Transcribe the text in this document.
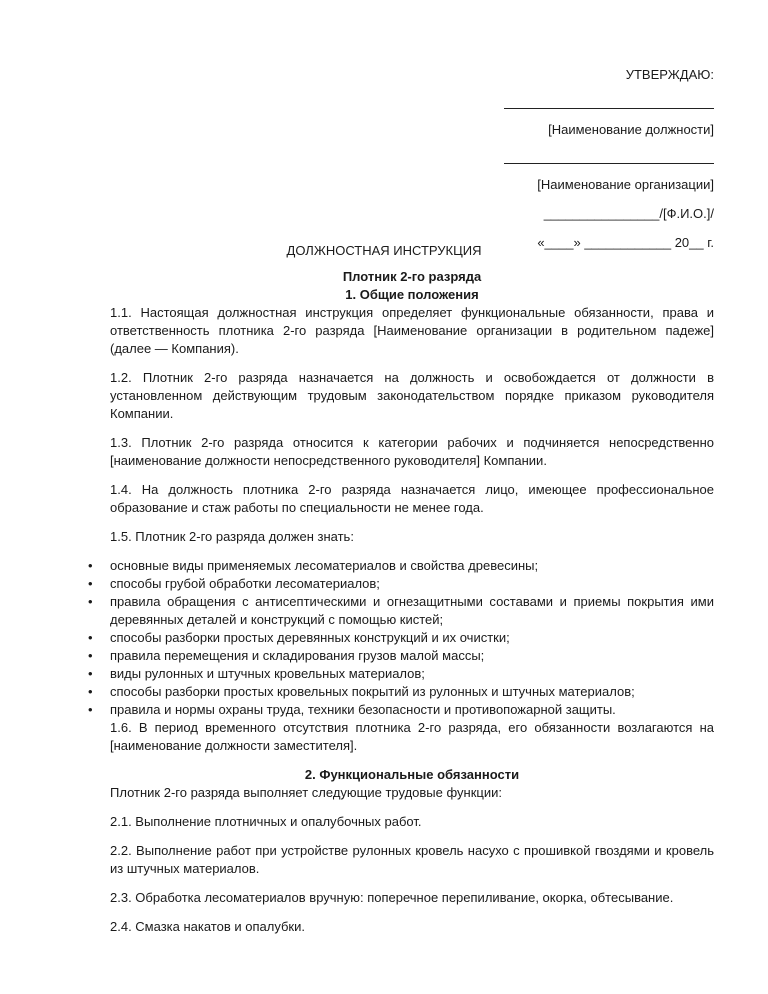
УТВЕРЖДАЮ:
[Наименование должности]
[Наименование организации]
________________/[Ф.И.О.]/
«____» ____________ 20__ г.
ДОЛЖНОСТНАЯ ИНСТРУКЦИЯ
Плотник 2-го разряда
1. Общие положения

1.1. Настоящая должностная инструкция определяет функциональные обязанности, права и ответственность плотника 2-го разряда [Наименование организации в родительном падеже] (далее — Компания).

1.2. Плотник 2-го разряда назначается на должность и освобождается от должности в установленном действующим трудовым законодательством порядке приказом руководителя Компании.

1.3. Плотник 2-го разряда относится к категории рабочих и подчиняется непосредственно [наименование должности непосредственного руководителя] Компании.

1.4. На должность плотника 2-го разряда назначается лицо, имеющее профессиональное образование и стаж работы по специальности не менее года.

1.5. Плотник 2-го разряда должен знать:

• основные виды применяемых лесоматериалов и свойства древесины;
• способы грубой обработки лесоматериалов;
• правила обращения с антисептическими и огнезащитными составами и приемы покрытия ими деревянных деталей и конструкций с помощью кистей;
• способы разборки простых деревянных конструкций и их очистки;
• правила перемещения и складирования грузов малой массы;
• виды рулонных и штучных кровельных материалов;
• способы разборки простых кровельных покрытий из рулонных и штучных материалов;
• правила и нормы охраны труда, техники безопасности и противопожарной защиты.

1.6. В период временного отсутствия плотника 2-го разряда, его обязанности возлагаются на [наименование должности заместителя].

2. Функциональные обязанности

Плотник 2-го разряда выполняет следующие трудовые функции:

2.1. Выполнение плотничных и опалубочных работ.

2.2. Выполнение работ при устройстве рулонных кровель насухо с прошивкой гвоздями и кровель из штучных материалов.

2.3. Обработка лесоматериалов вручную: поперечное перепиливание, окорка, обтесывание.

2.4. Смазка накатов и опалубки.
